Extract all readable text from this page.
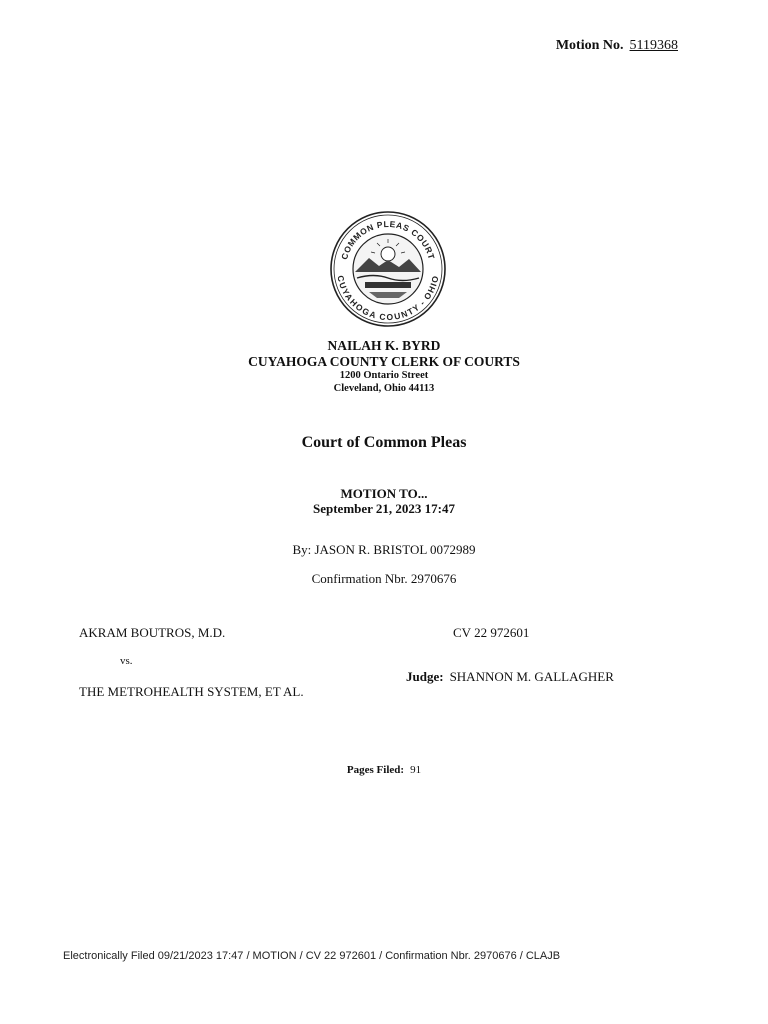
Motion No. 5119368
COMMON PLEAS COURT
CUYAHOGA COUNTY - OHIO
NAILAH K. BYRD
CUYAHOGA COUNTY CLERK OF COURTS
1200 Ontario Street
Cleveland, Ohio 44113
Court of Common Pleas
MOTION TO...
September 21, 2023 17:47
By: JASON R. BRISTOL 0072989
Confirmation Nbr. 2970676
AKRAM BOUTROS, M.D.
vs.
THE METROHEALTH SYSTEM, ET AL.
CV 22 972601
Judge: SHANNON M. GALLAGHER
Pages Filed: 91
Electronically Filed 09/21/2023 17:47 / MOTION / CV 22 972601 / Confirmation Nbr. 2970676 / CLAJB
